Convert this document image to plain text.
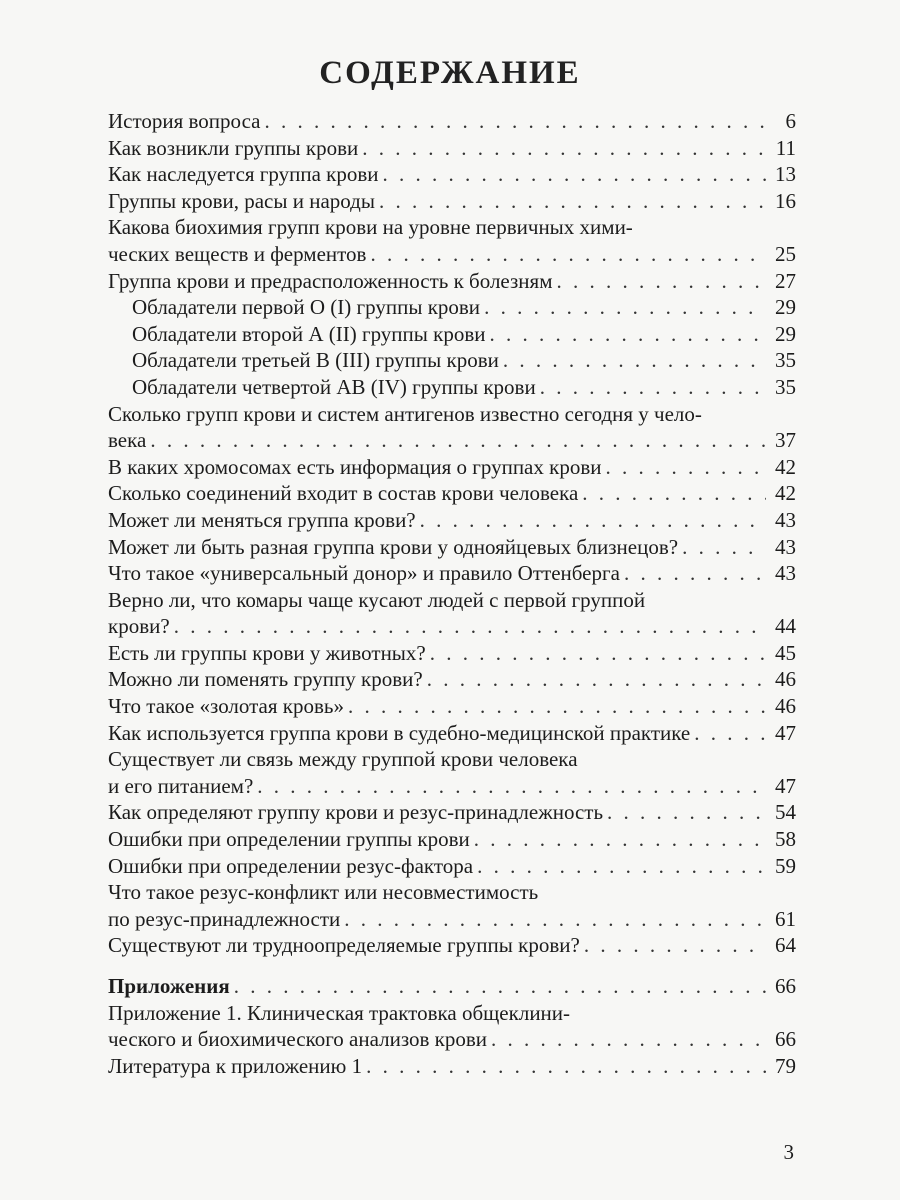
СОДЕРЖАНИЕ
История вопроса . . .	6
Как возникли группы крови . . .	11
Как наследуется группа крови . . .	13
Группы крови, расы и народы . . .	16
Какова биохимия групп крови на уровне первичных хими-
ческих веществ и ферментов . . .	25
Группа крови и предрасположенность к болезням . . .	27
Обладатели первой О (I) группы крови . . .	29
Обладатели второй А (II) группы крови . . .	29
Обладатели третьей В (III) группы крови . . .	35
Обладатели четвертой АВ (IV) группы крови . . .	35
Сколько групп крови и систем антигенов известно сегодня у чело-
века . . .	37
В каких хромосомах есть информация о группах крови . . .	42
Сколько соединений входит в состав крови человека . . .	42
Может ли меняться группа крови? . . .	43
Может ли быть разная группа крови у однояйцевых близнецов? . . .	43
Что такое «универсальный донор» и правило Оттенберга . . .	43
Верно ли, что комары чаще кусают людей с первой группой
крови? . . .	44
Есть ли группы крови у животных? . . .	45
Можно ли поменять группу крови? . . .	46
Что такое «золотая кровь» . . .	46
Как используется группа крови в судебно-медицинской практике . . .	47
Существует ли связь между группой крови человека
и его питанием? . . .	47
Как определяют группу крови и резус-принадлежность . . .	54
Ошибки при определении группы крови . . .	58
Ошибки при определении резус-фактора . . .	59
Что такое резус-конфликт или несовместимость
по резус-принадлежности . . .	61
Существуют ли трудноопределяемые группы крови? . . .	64
Приложения . . .	66
Приложение 1. Клиническая трактовка общеклини-
ческого и биохимического анализов крови . . .	66
Литература к приложению 1 . . .	79
3
